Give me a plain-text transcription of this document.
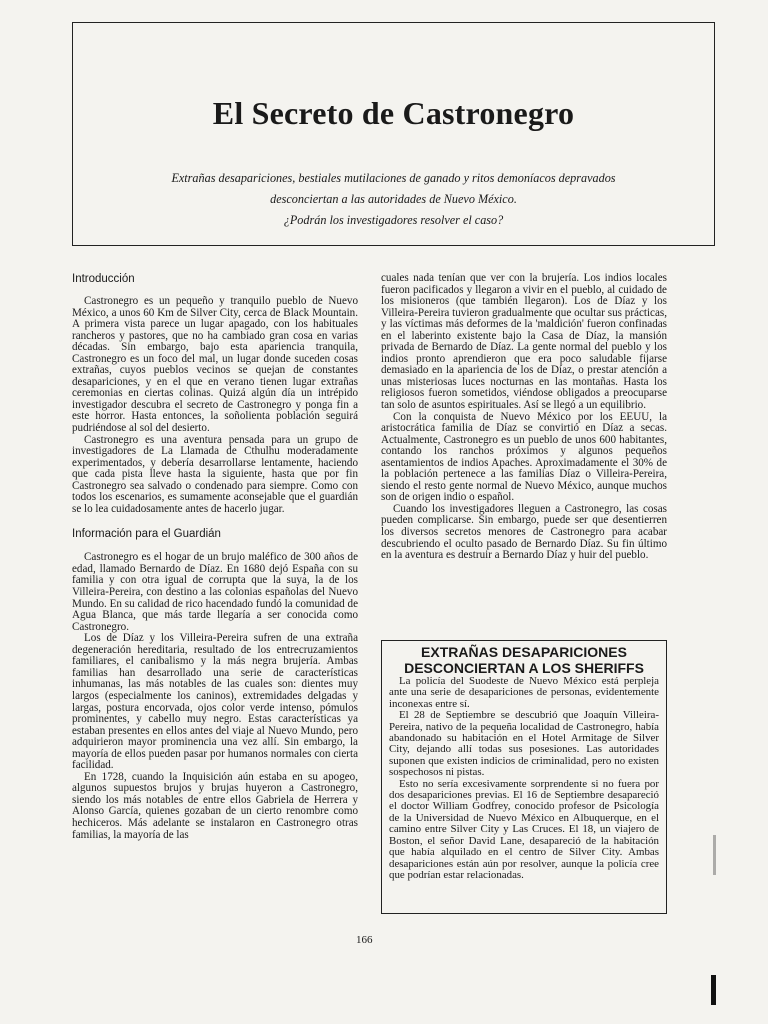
El Secreto de Castronegro
Extrañas desapariciones, bestiales mutilaciones de ganado y ritos demoníacos depravados
desconciertan a las autoridades de Nuevo México.
¿Podrán los investigadores resolver el caso?
Introducción

Castronegro es un pequeño y tranquilo pueblo de Nuevo México, a unos 60 Km de Silver City, cerca de Black Mountain. A primera vista parece un lugar apagado, con los habituales rancheros y pastores, que no ha cambiado gran cosa en varias décadas. Sin embargo, bajo esta apariencia tranquila, Castronegro es un foco del mal, un lugar donde suceden cosas extrañas, cuyos pueblos vecinos se quejan de constantes desapariciones, y en el que en verano tienen lugar extrañas ceremonias en ciertas colinas. Quizá algún día un intrépido investigador descubra el secreto de Castronegro y ponga fin a este horror. Hasta entonces, la soñolienta población seguirá pudriéndose al sol del desierto.

Castronegro es una aventura pensada para un grupo de investigadores de La Llamada de Cthulhu moderadamente experimentados, y debería desarrollarse lentamente, haciendo que cada pista lleve hasta la siguiente, hasta que por fin Castronegro sea salvado o condenado para siempre. Como con todos los escenarios, es sumamente aconsejable que el guardián se lo lea cuidadosamente antes de hacerlo jugar.

Información para el Guardián

Castronegro es el hogar de un brujo maléfico de 300 años de edad, llamado Bernardo de Díaz. En 1680 dejó España con su familia y con otra igual de corrupta que la suya, la de los Villeira-Pereira, con destino a las colonias españolas del Nuevo Mundo. En su calidad de rico hacendado fundó la comunidad de Agua Blanca, que más tarde llegaría a ser conocida como Castronegro.

Los de Díaz y los Villeira-Pereira sufren de una extraña degeneración hereditaria, resultado de los entrecruzamientos familiares, el canibalismo y la más negra brujería. Ambas familias han desarrollado una serie de características inhumanas, las más notables de las cuales son: dientes muy largos (especialmente los caninos), extremidades delgadas y largas, postura encorvada, ojos color verde intenso, pómulos prominentes, y cabello muy negro. Estas características ya estaban presentes en ellos antes del viaje al Nuevo Mundo, pero adquirieron mayor prominencia una vez allí. Sin embargo, la mayoría de ellos pueden pasar por humanos normales con cierta facilidad.

En 1728, cuando la Inquisición aún estaba en su apogeo, algunos supuestos brujos y brujas huyeron a Castronegro, siendo los más notables de entre ellos Gabriela de Herrera y Alonso García, quienes gozaban de un cierto renombre como hechiceros. Más adelante se instalaron en Castronegro otras familias, la mayoría de las

cuales nada tenían que ver con la brujería. Los indios locales fueron pacificados y llegaron a vivir en el pueblo, al cuidado de los misioneros (que también llegaron). Los de Díaz y los Villeira-Pereira tuvieron gradualmente que ocultar sus prácticas, y las víctimas más deformes de la 'maldición' fueron confinadas en el laberinto existente bajo la Casa de Díaz, la mansión privada de Bernardo de Díaz. La gente normal del pueblo y los indios pronto aprendieron que era poco saludable fijarse demasiado en la apariencia de los de Díaz, o prestar atención a unas misteriosas luces nocturnas en las montañas. Hasta los religiosos fueron sometidos, viéndose obligados a preocuparse tan solo de asuntos espirituales. Así se llegó a un equilibrio.

Con la conquista de Nuevo México por los EEUU, la aristocrática familia de Díaz se convirtió en Díaz a secas. Actualmente, Castronegro es un pueblo de unos 600 habitantes, contando los ranchos próximos y algunos pequeños asentamientos de indios Apaches. Aproximadamente el 30% de la población pertenece a las familias Díaz o Villeira-Pereira, siendo el resto gente normal de Nuevo México, aunque muchos son de origen indio o español.

Cuando los investigadores lleguen a Castronegro, las cosas pueden complicarse. Sin embargo, puede ser que desentierren los diversos secretos menores de Castronegro para acabar descubriendo el oculto pasado de Bernardo Díaz. Su fin último en la aventura es destruir a Bernardo Díaz y huir del pueblo.

EXTRAÑAS DESAPARICIONES
DESCONCIERTAN A LOS SHERIFFS

La policía del Suodeste de Nuevo México está perpleja ante una serie de desapariciones de personas, evidentemente inconexas entre sí.

El 28 de Septiembre se descubrió que Joaquín Villeira-Pereira, nativo de la pequeña localidad de Castronegro, había abandonado su habitación en el Hotel Armitage de Silver City, dejando allí todas sus posesiones. Las autoridades suponen que existen indicios de criminalidad, pero no existen sospechosos ni pistas.

Esto no sería excesivamente sorprendente si no fuera por dos desapariciones previas. El 16 de Septiembre desapareció el doctor William Godfrey, conocido profesor de Psicología de la Universidad de Nuevo México en Albuquerque, en el camino entre Silver City y Las Cruces. El 18, un viajero de Boston, el señor David Lane, desapareció de la habitación que había alquilado en el centro de Silver City. Ambas desapariciones están aún por resolver, aunque la policía cree que podrían estar relacionadas.

166
